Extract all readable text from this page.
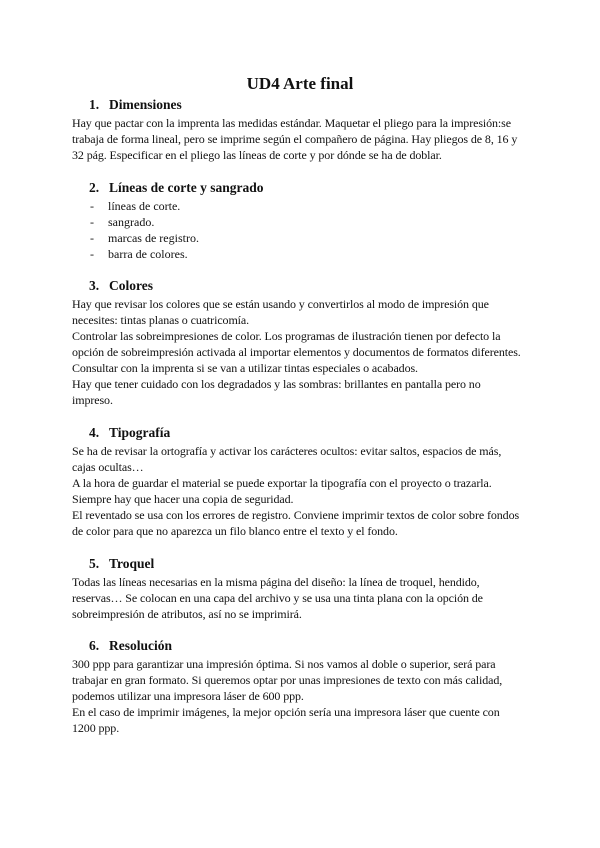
UD4 Arte final
1. Dimensiones

Hay que pactar con la imprenta las medidas estándar. Maquetar el pliego para la impresión:se trabaja de forma lineal, pero se imprime según el compañero de página. Hay pliegos de 8, 16 y 32 pág. Especificar en el pliego las líneas de corte y por dónde se ha de doblar.

2. Líneas de corte y sangrado
- líneas de corte.
- sangrado.
- marcas de registro.
- barra de colores.
3. Colores

Hay que revisar los colores que se están usando y convertirlos al modo de impresión que necesites: tintas planas o cuatricomía.

Controlar las sobreimpresiones de color. Los programas de ilustración tienen por defecto la opción de sobreimpresión activada al importar elementos y documentos de formatos diferentes. Consultar con la imprenta si se van a utilizar tintas especiales o acabados.

Hay que tener cuidado con los degradados y las sombras: brillantes en pantalla pero no impreso.

4. Tipografía

Se ha de revisar la ortografía y activar los carácteres ocultos: evitar saltos, espacios de más, cajas ocultas…

A la hora de guardar el material se puede exportar la tipografía con el proyecto o trazarla. Siempre hay que hacer una copia de seguridad.

El reventado se usa con los errores de registro. Conviene imprimir textos de color sobre fondos de color para que no aparezca un filo blanco entre el texto y el fondo.

5. Troquel

Todas las líneas necesarias en la misma página del diseño: la línea de troquel, hendido, reservas… Se colocan en una capa del archivo y se usa una tinta plana con la opción de sobreimpresión de atributos, así no se imprimirá.

6. Resolución

300 ppp para garantizar una impresión óptima. Si nos vamos al doble o superior, será para trabajar en gran formato. Si queremos optar por unas impresiones de texto con más calidad, podemos utilizar una impresora láser de 600 ppp.

En el caso de imprimir imágenes, la mejor opción sería una impresora láser que cuente con 1200 ppp.
